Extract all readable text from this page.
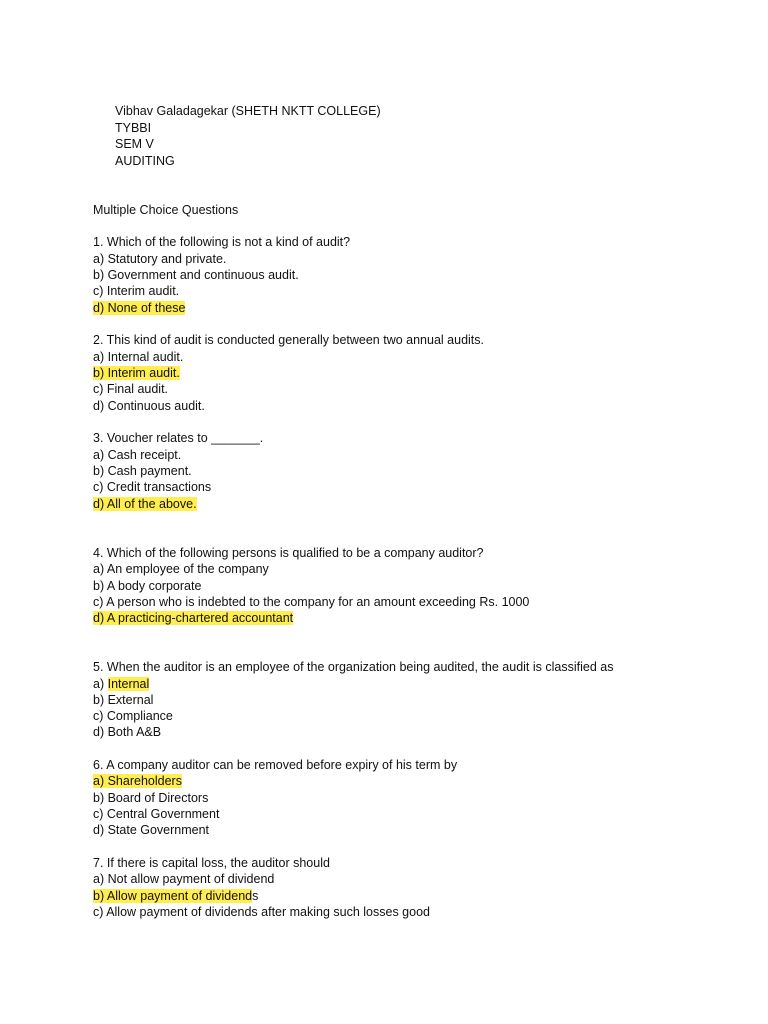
Vibhav Galadagekar (SHETH NKTT COLLEGE)
TYBBI
SEM V
AUDITING
Multiple Choice Questions
1. Which of the following is not a kind of audit?
a) Statutory and private.
b) Government and continuous audit.
c) Interim audit.
d) None of these
2. This kind of audit is conducted generally between two annual audits.
a) Internal audit.
b) Interim audit.
c) Final audit.
d) Continuous audit.
3. Voucher relates to _______.
a) Cash receipt.
b) Cash payment.
c) Credit transactions
d) All of the above.
4. Which of the following persons is qualified to be a company auditor?
a) An employee of the company
b) A body corporate
c) A person who is indebted to the company for an amount exceeding Rs. 1000
d) A practicing-chartered accountant
5. When the auditor is an employee of the organization being audited, the audit is classified as
a) Internal
b) External
c) Compliance
d) Both A&B
6. A company auditor can be removed before expiry of his term by
a) Shareholders
b) Board of Directors
c) Central Government
d) State Government
7. If there is capital loss, the auditor should
a) Not allow payment of dividend
b) Allow payment of dividends
c) Allow payment of dividends after making such losses good
